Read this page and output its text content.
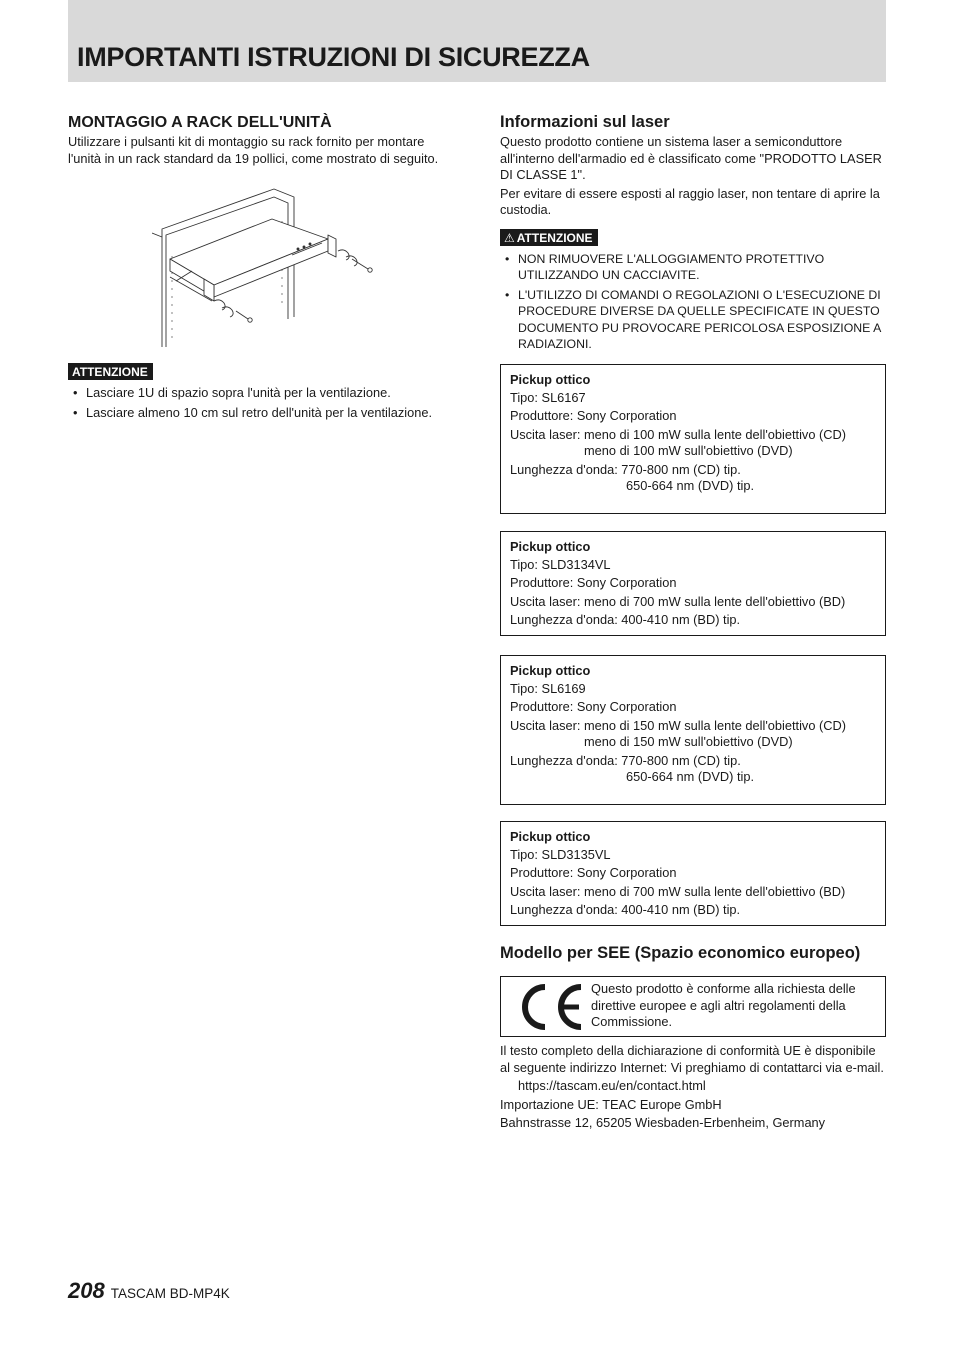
IMPORTANTI ISTRUZIONI DI SICUREZZA
MONTAGGIO A RACK DELL'UNITÀ

Utilizzare i pulsanti kit di montaggio su rack fornito per montare l'unità in un rack standard da 19 pollici, come mostrato di seguito.

ATTENZIONE
• Lasciare 1U di spazio sopra l'unità per la ventilazione.
• Lasciare almeno 10 cm sul retro dell'unità per la ventilazione.
Informazioni sul laser

Questo prodotto contiene un sistema laser a semiconduttore all'interno dell'armadio ed è classificato come "PRODOTTO LASER DI CLASSE 1".

Per evitare di essere esposti al raggio laser, non tentare di aprire la custodia.

⚠ ATTENZIONE
• NON RIMUOVERE L'ALLOGGIAMENTO PROTETTIVO UTILIZZANDO UN CACCIAVITE.
• L'UTILIZZO DI COMANDI O REGOLAZIONI O L'ESECUZIONE DI PROCEDURE DIVERSE DA QUELLE SPECIFICATE IN QUESTO DOCUMENTO PU PROVOCARE PERICOLOSA ESPOSIZIONE A RADIAZIONI.
Pickup ottico
Tipo: SL6167
Produttore: Sony Corporation
Uscita laser: meno di 100 mW sulla lente dell'obiettivo (CD)
meno di 100 mW sull'obiettivo (DVD)
Lunghezza d'onda: 770-800 nm (CD) tip.
650-664 nm (DVD) tip.
Pickup ottico
Tipo: SLD3134VL
Produttore: Sony Corporation
Uscita laser: meno di 700 mW sulla lente dell'obiettivo (BD)
Lunghezza d'onda: 400-410 nm (BD) tip.
Pickup ottico
Tipo: SL6169
Produttore: Sony Corporation
Uscita laser: meno di 150 mW sulla lente dell'obiettivo (CD)
meno di 150 mW sull'obiettivo (DVD)
Lunghezza d'onda: 770-800 nm (CD) tip.
650-664 nm (DVD) tip.
Pickup ottico
Tipo: SLD3135VL
Produttore: Sony Corporation
Uscita laser: meno di 700 mW sulla lente dell'obiettivo (BD)
Lunghezza d'onda: 400-410 nm (BD) tip.
Modello per SEE (Spazio economico europeo)
Questo prodotto è conforme alla richiesta delle direttive europee e agli altri regolamenti della Commissione.

Il testo completo della dichiarazione di conformità UE è disponibile al seguente indirizzo Internet: Vi preghiamo di contattarci via e-mail.

https://tascam.eu/en/contact.html

Importazione UE: TEAC Europe GmbH

Bahnstrasse 12, 65205 Wiesbaden-Erbenheim, Germany

208 TASCAM BD-MP4K
